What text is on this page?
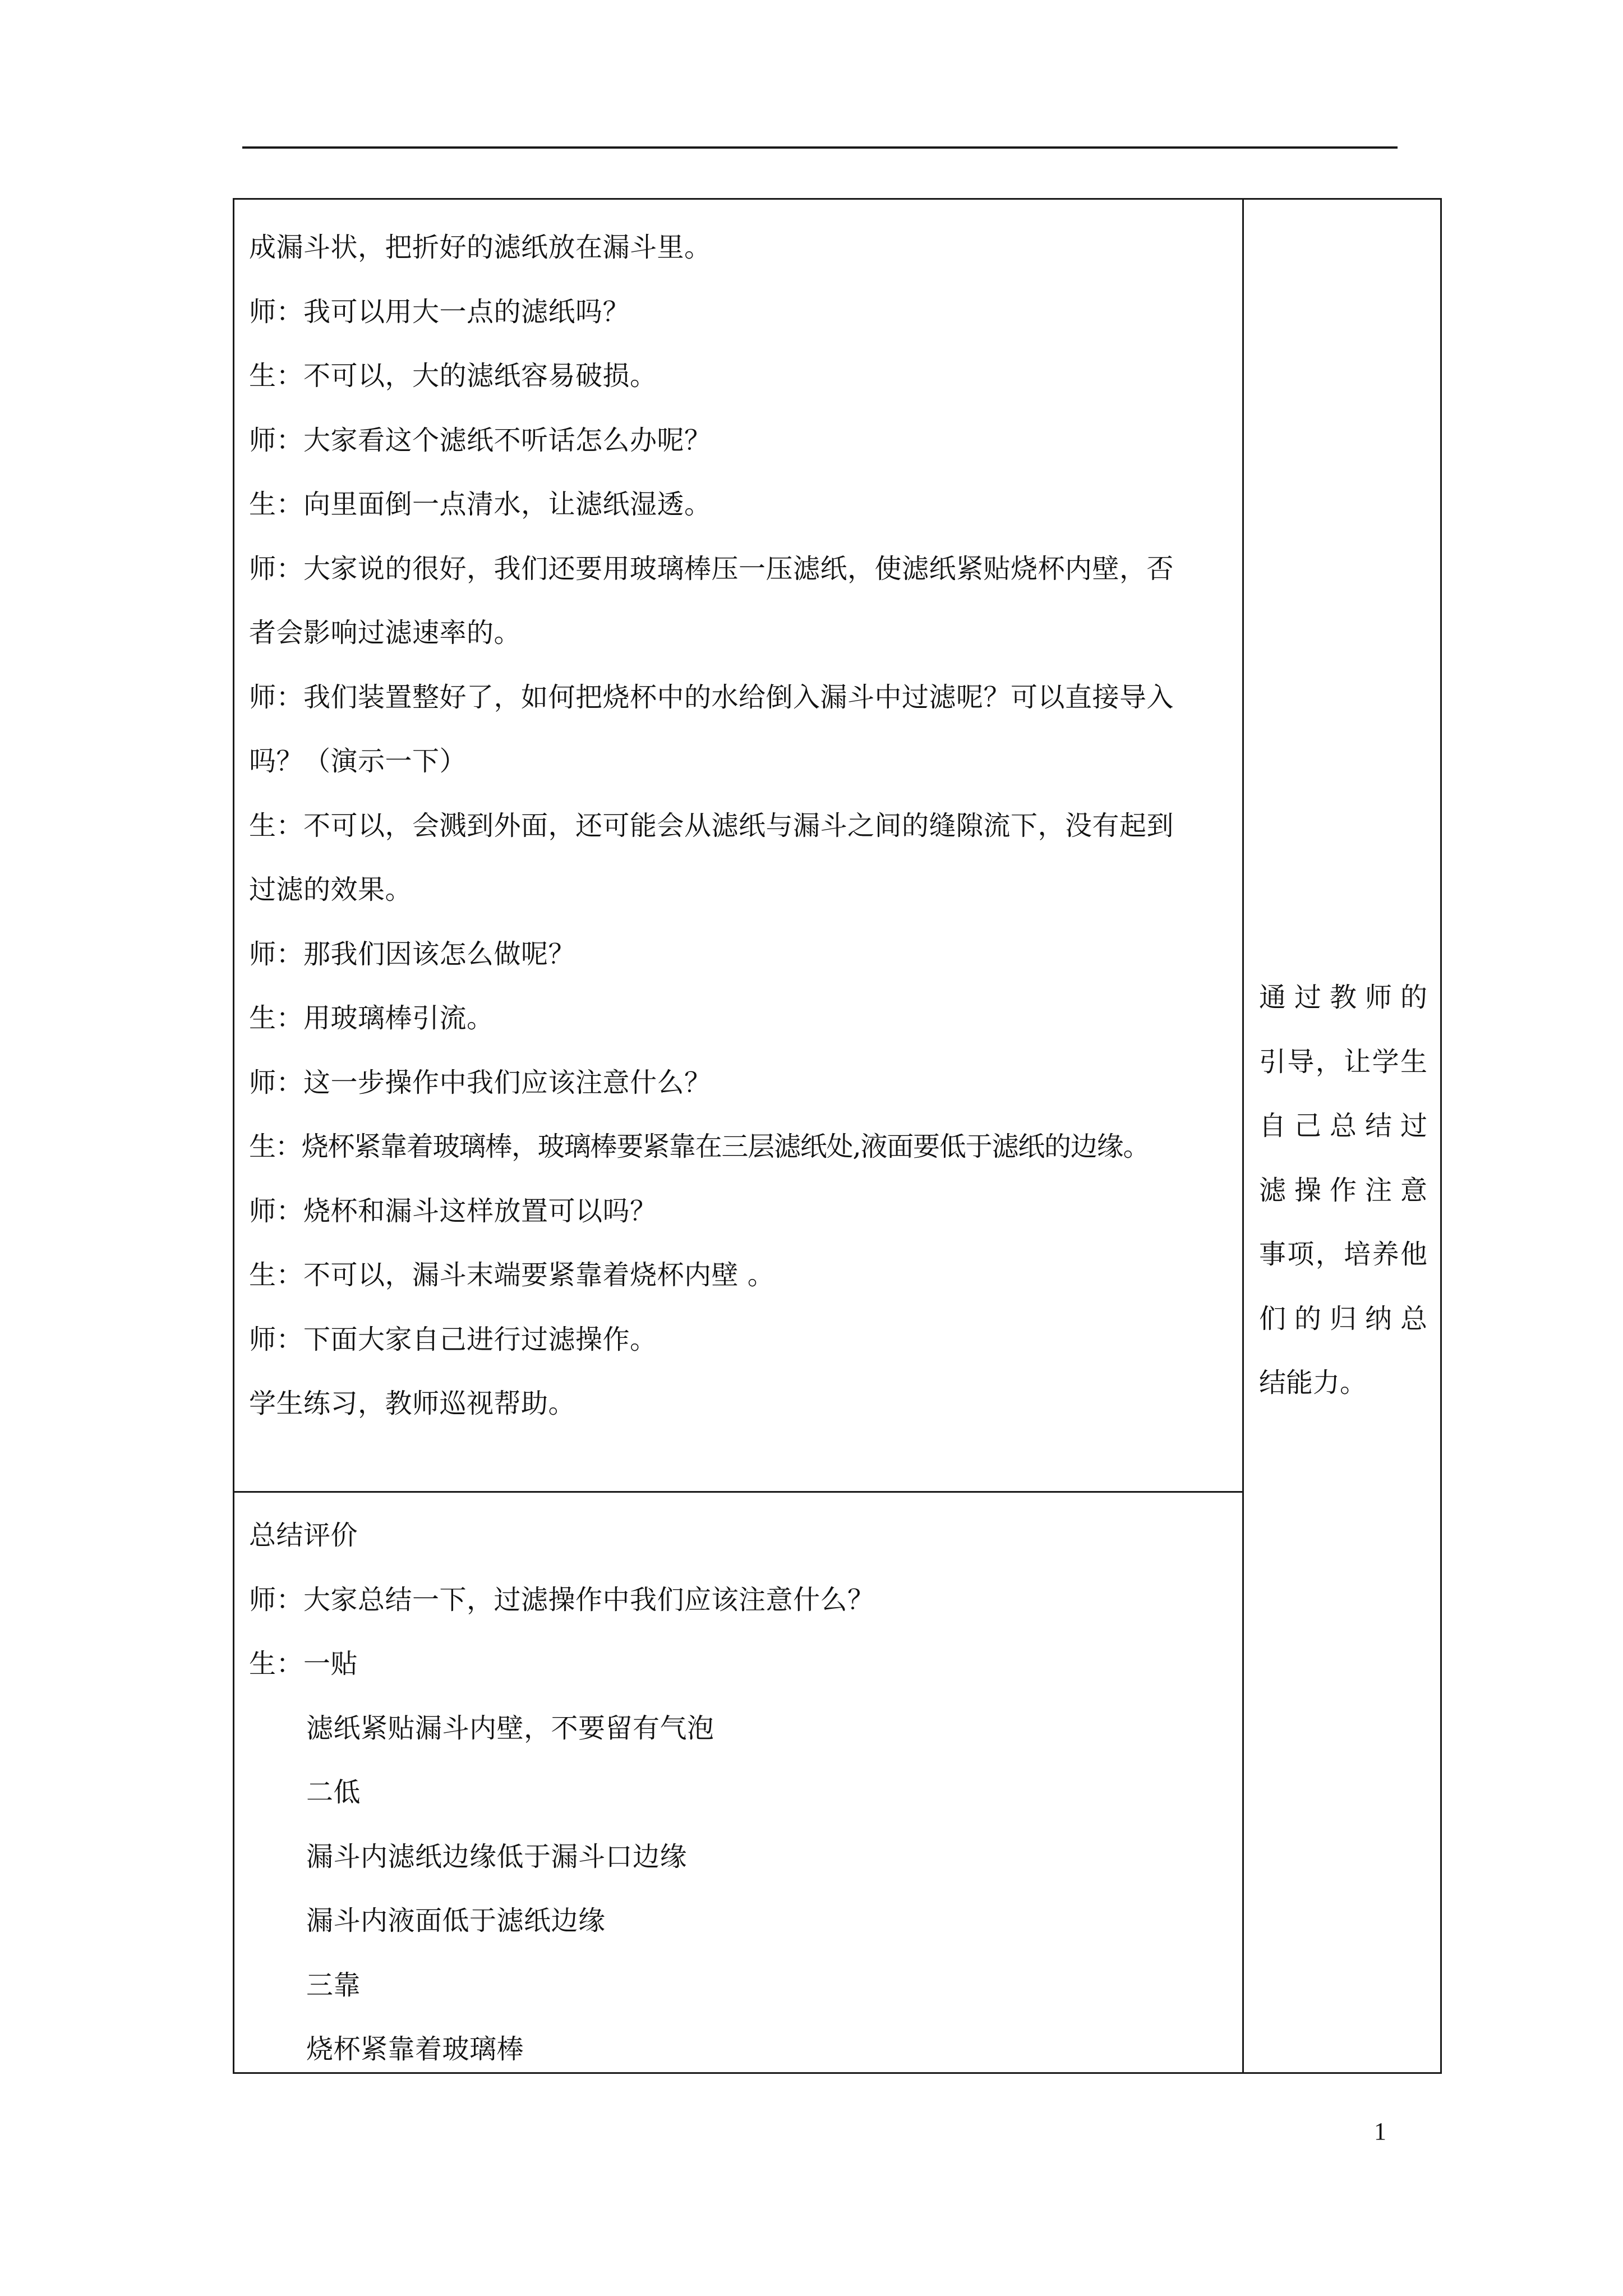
成漏斗状，把折好的滤纸放在漏斗里。
师：我可以用大一点的滤纸吗？
生：不可以，大的滤纸容易破损。
师：大家看这个滤纸不听话怎么办呢？
生：向里面倒一点清水，让滤纸湿透。
师：大家说的很好，我们还要用玻璃棒压一压滤纸，使滤纸紧贴烧杯内壁，否
者会影响过滤速率的。
师：我们装置整好了，如何把烧杯中的水给倒入漏斗中过滤呢？可以直接导入
吗？（演示一下）
生：不可以，会溅到外面，还可能会从滤纸与漏斗之间的缝隙流下，没有起到
过滤的效果。
师：那我们因该怎么做呢？
生：用玻璃棒引流。
师：这一步操作中我们应该注意什么？
生：烧杯紧靠着玻璃棒，玻璃棒要紧靠在三层滤纸处,液面要低于滤纸的边缘。
师：烧杯和漏斗这样放置可以吗？
生：不可以，漏斗末端要紧靠着烧杯内壁 。
师：下面大家自己进行过滤操作。
学生练习，教师巡视帮助。
通 过 教 师 的
引 导 ， 让 学 生
自 己 总 结 过
滤 操 作 注 意
事 项 ， 培 养 他
们 的 归 纳 总
结 能 力 。
总结评价
师：大家总结一下，过滤操作中我们应该注意什么？
生：一贴
滤纸紧贴漏斗内壁，不要留有气泡
二低
漏斗内滤纸边缘低于漏斗口边缘
漏斗内液面低于滤纸边缘
三靠
烧杯紧靠着玻璃棒
1
